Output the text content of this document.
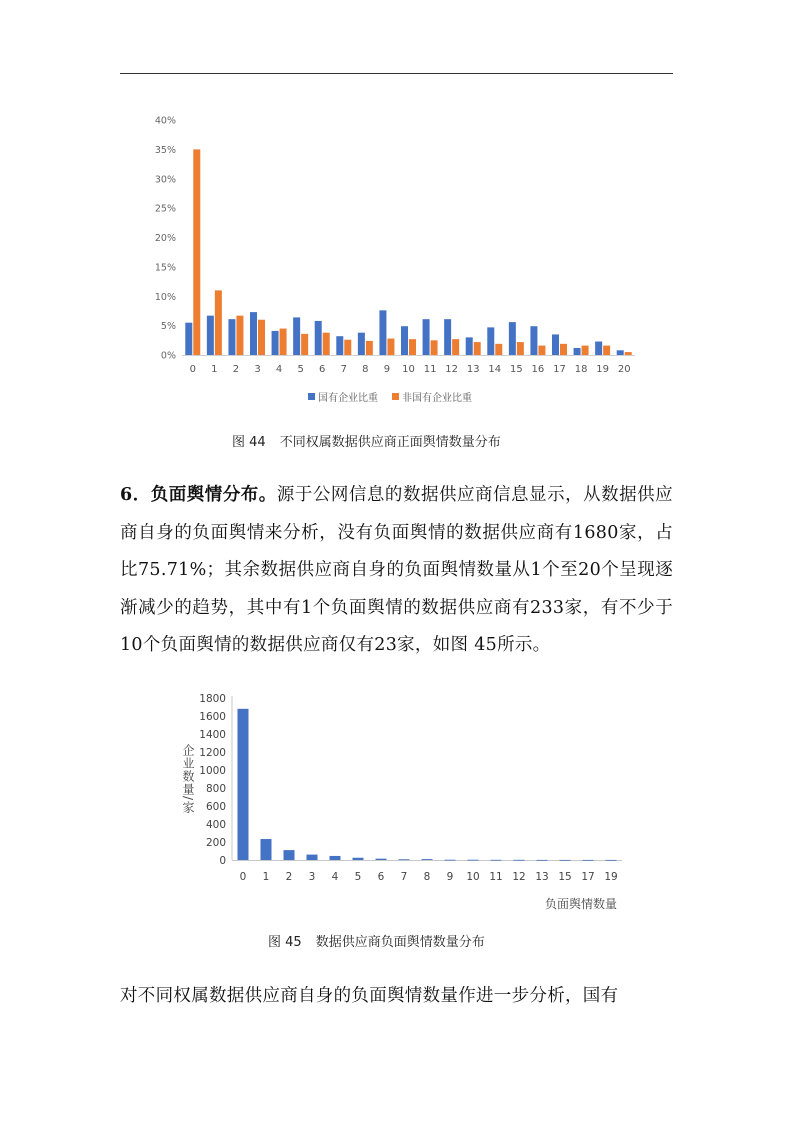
0%
5%
10%
15%
20%
25%
30%
35%
40%
0 1 2 3 4 5 6 7 8 9 10 11 12 13 14 15 16 17 18 19 20
国有企业比重 非国有企业比重
图 44 不同权属数据供应商正面舆情数量分布
6．负面舆情分布。源于公网信息的数据供应商信息显示，从数据供应商自身的负面舆情来分析，没有负面舆情的数据供应商有1680家，占比75.71%；其余数据供应商自身的负面舆情数量从1个至20个呈现逐渐减少的趋势，其中有1个负面舆情的数据供应商有233家，有不少于10个负面舆情的数据供应商仅有23家，如图 45所示。
0
200
400
600
800
1000
1200
1400
1600
1800
0 1 2 3 4 5 6 7 8 9 10 11 12 13 15 17 19
企业数量/家
负面舆情数量
图 45 数据供应商负面舆情数量分布
对不同权属数据供应商自身的负面舆情数量作进一步分析，国有
